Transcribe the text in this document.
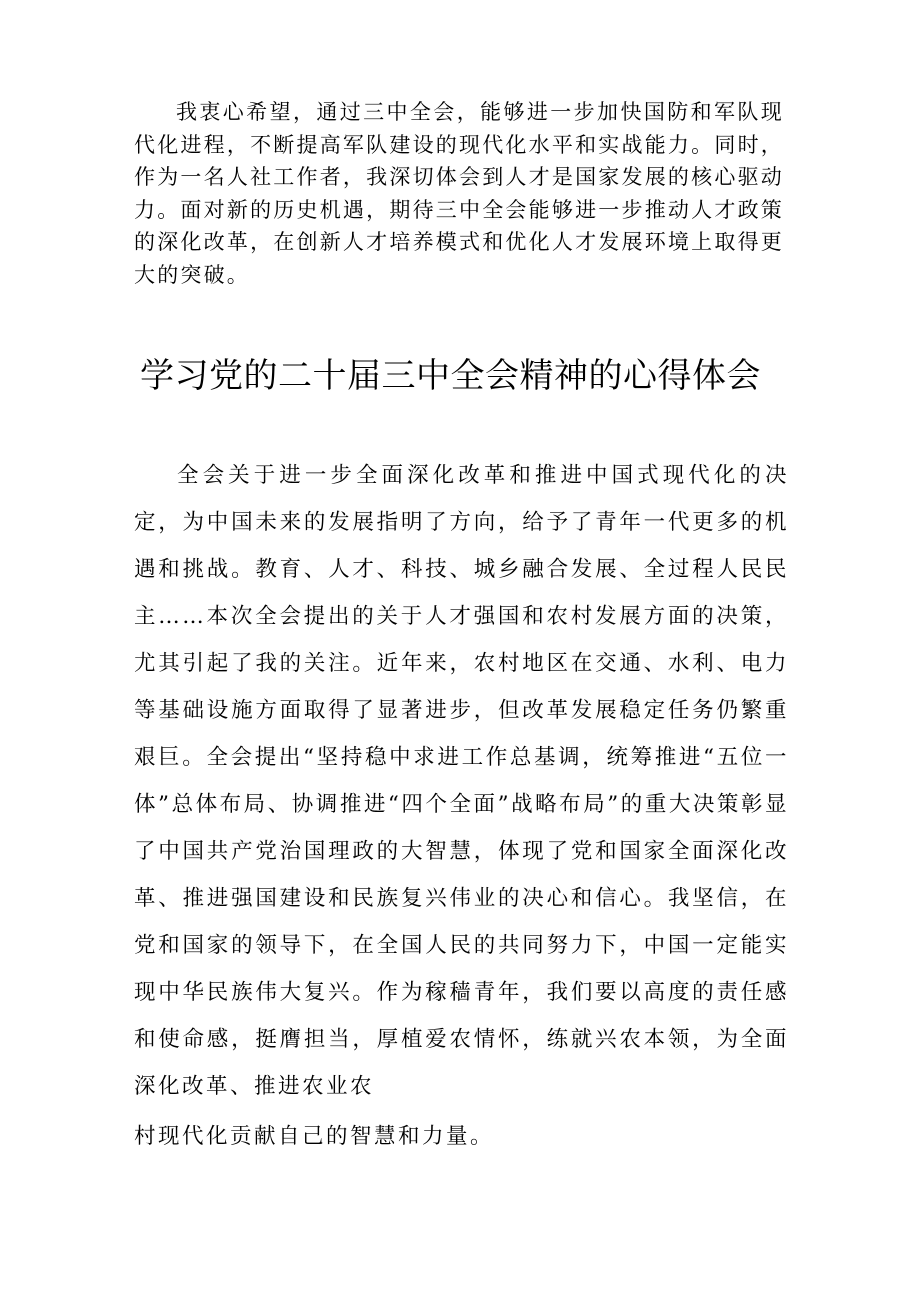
我衷心希望，通过三中全会，能够进一步加快国防和军队现代化进程，不断提高军队建设的现代化水平和实战能力。同时，作为一名人社工作者，我深切体会到人才是国家发展的核心驱动力。面对新的历史机遇，期待三中全会能够进一步推动人才政策的深化改革，在创新人才培养模式和优化人才发展环境上取得更大的突破。

学习党的二十届三中全会精神的心得体会

全会关于进一步全面深化改革和推进中国式现代化的决定，为中国未来的发展指明了方向，给予了青年一代更多的机遇和挑战。教育、人才、科技、城乡融合发展、全过程人民民主……本次全会提出的关于人才强国和农村发展方面的决策，尤其引起了我的关注。近年来，农村地区在交通、水利、电力等基础设施方面取得了显著进步，但改革发展稳定任务仍繁重艰巨。全会提出“坚持稳中求进工作总基调，统筹推进“五位一体”总体布局、协调推进“四个全面”战略布局”的重大决策彰显了中国共产党治国理政的大智慧，体现了党和国家全面深化改革、推进强国建设和民族复兴伟业的决心和信心。我坚信，在党和国家的领导下，在全国人民的共同努力下，中国一定能实现中华民族伟大复兴。作为稼穑青年，我们要以高度的责任感和使命感，挺膺担当，厚植爱农情怀，练就兴农本领，为全面深化改革、推进农业农

村现代化贡献自己的智慧和力量。
